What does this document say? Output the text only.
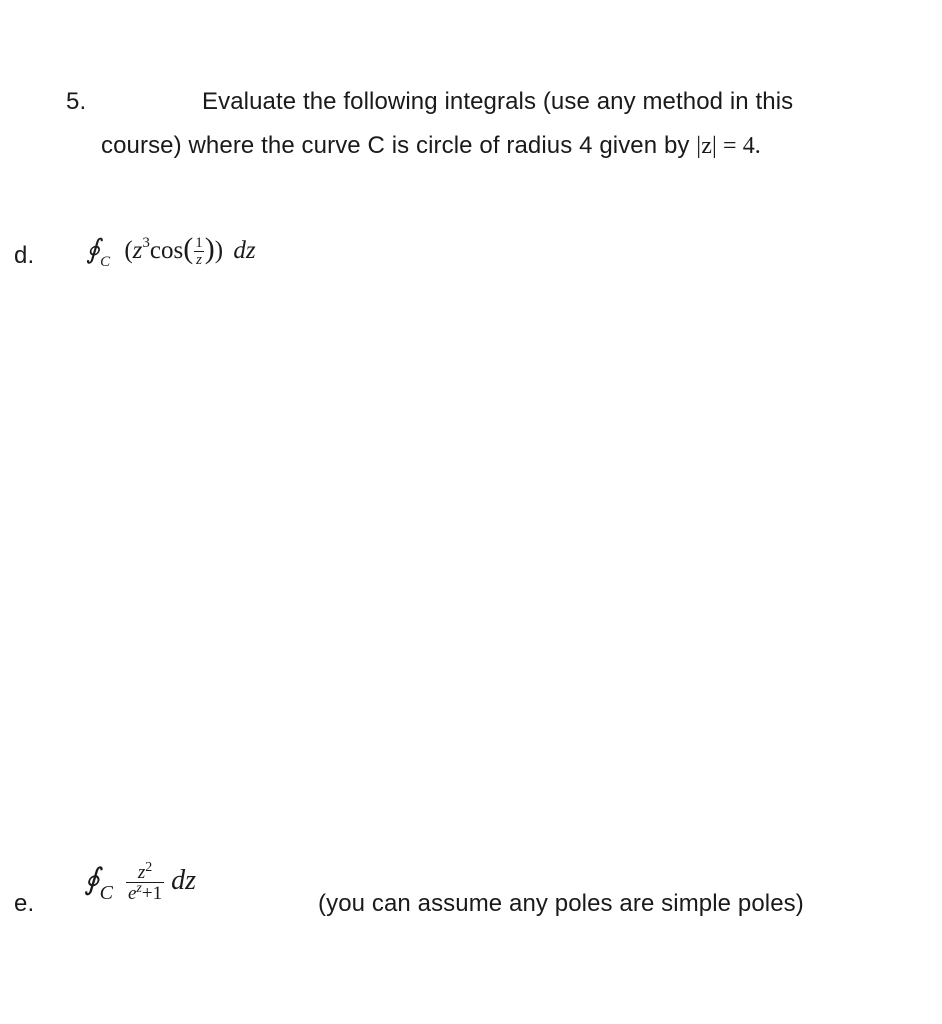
5.	Evaluate the following integrals (use any method in this
course) where the curve C is circle of radius 4 given by |z| = 4.
d. $∮_C$ ($z^3\cos( \frac{1}{z}$ )) dz
e.
$∮_C \frac{z^2}{e^z+1}$ dz
(you can assume any poles are simple poles)
